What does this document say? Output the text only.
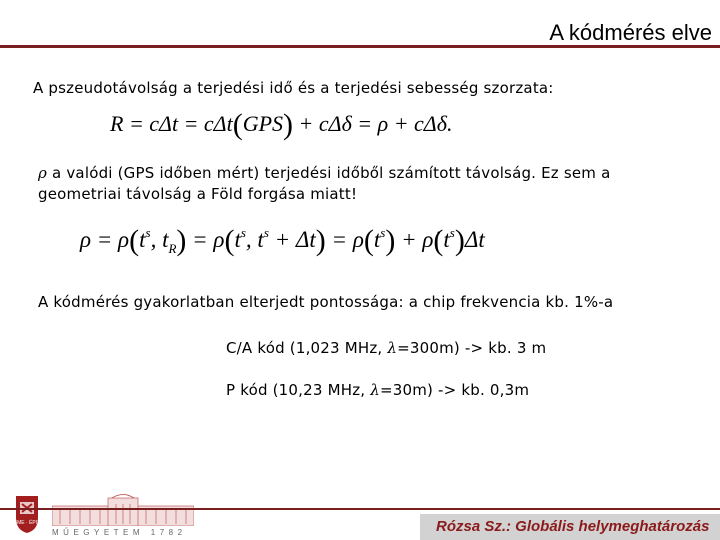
A kódmérés elve
A pszeudotávolság a terjedési idő és a terjedési sebesség szorzata:
R = cΔt = cΔt(GPS) + cΔδ = ρ + cΔδ.
ρ a valódi (GPS időben mért) terjedési időből számított távolság. Ez sem a geometriai távolság a Föld forgása miatt!
$\rho = \rho(t^s$, $t_R) = \rho(t^s$, $t^s + \Delta t) = \rho(t^s)$ + $\rhȯ(t^s)\Delta t$
A kódmérés gyakorlatban elterjedt pontossága: a chip frekvencia kb. 1%-a
C/A kód (1,023 MHz, λ=300m) -> kb. 3 m
P kód (10,23 MHz, λ=30m) -> kb. 0,3m
BME · ÉPIT
MŰEGYETEM 1782	Rózsa Sz.: Globális helymeghatározás
